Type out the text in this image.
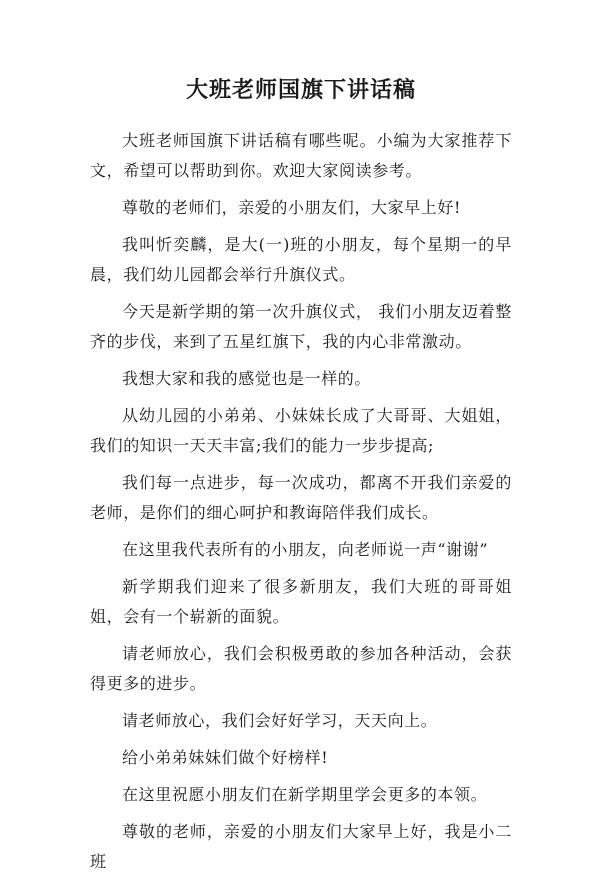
大班老师国旗下讲话稿

大班老师国旗下讲话稿有哪些呢。小编为大家推荐下文，希望可以帮助到你。欢迎大家阅读参考。

尊敬的老师们，亲爱的小朋友们，大家早上好!

我叫忻奕麟，是大(一)班的小朋友，每个星期一的早晨，我们幼儿园都会举行升旗仪式。

今天是新学期的第一次升旗仪式， 我们小朋友迈着整齐的步伐，来到了五星红旗下，我的内心非常激动。

我想大家和我的感觉也是一样的。

从幼儿园的小弟弟、小妹妹长成了大哥哥、大姐姐，我们的知识一天天丰富;我们的能力一步步提高;

我们每一点进步，每一次成功，都离不开我们亲爱的老师，是你们的细心呵护和教诲陪伴我们成长。

在这里我代表所有的小朋友，向老师说一声“谢谢”

新学期我们迎来了很多新朋友，我们大班的哥哥姐姐，会有一个崭新的面貌。

请老师放心，我们会积极勇敢的参加各种活动，会获得更多的进步。

请老师放心，我们会好好学习，天天向上。

给小弟弟妹妹们做个好榜样!

在这里祝愿小朋友们在新学期里学会更多的本领。

尊敬的老师，亲爱的小朋友们大家早上好，我是小二班
